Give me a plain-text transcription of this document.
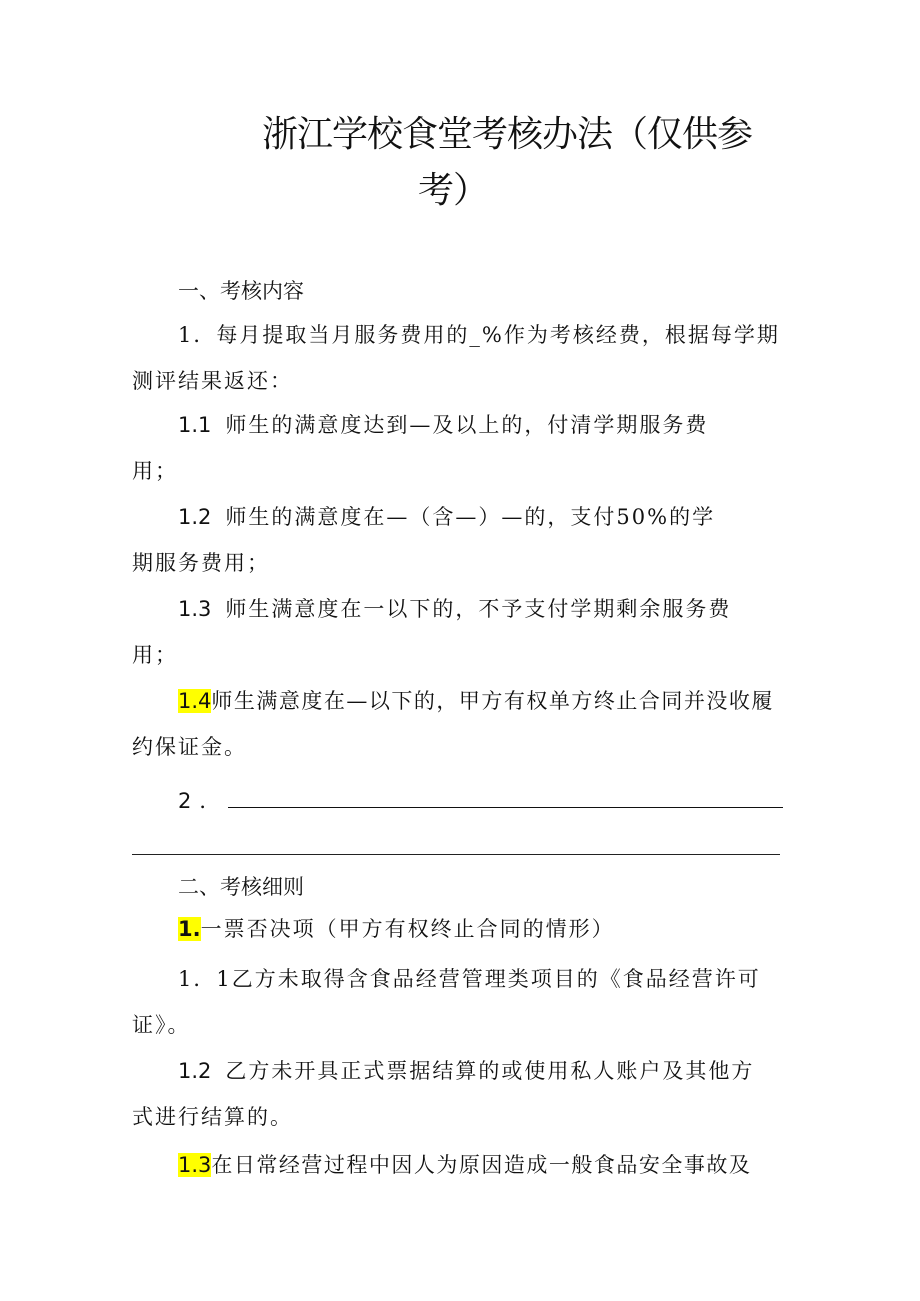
浙江学校食堂考核办法（仅供参
考）
一、考核内容
1．每月提取当月服务费用的_%作为考核经费，根据每学期
测评结果返还：
1.1 师生的满意度达到—及以上的，付清学期服务费
用；
1.2 师生的满意度在—（含—）—的，支付50%的学
期服务费用；
1.3 师生满意度在一以下的，不予支付学期剩余服务费
用；
1.4师生满意度在—以下的，甲方有权单方终止合同并没收履
约保证金。
2．
二、考核细则
1.一票否决项（甲方有权终止合同的情形）
1．1乙方未取得含食品经营管理类项目的《食品经营许可
证》。
1.2 乙方未开具正式票据结算的或使用私人账户及其他方
式进行结算的。
1.3在日常经营过程中因人为原因造成一般食品安全事故及
